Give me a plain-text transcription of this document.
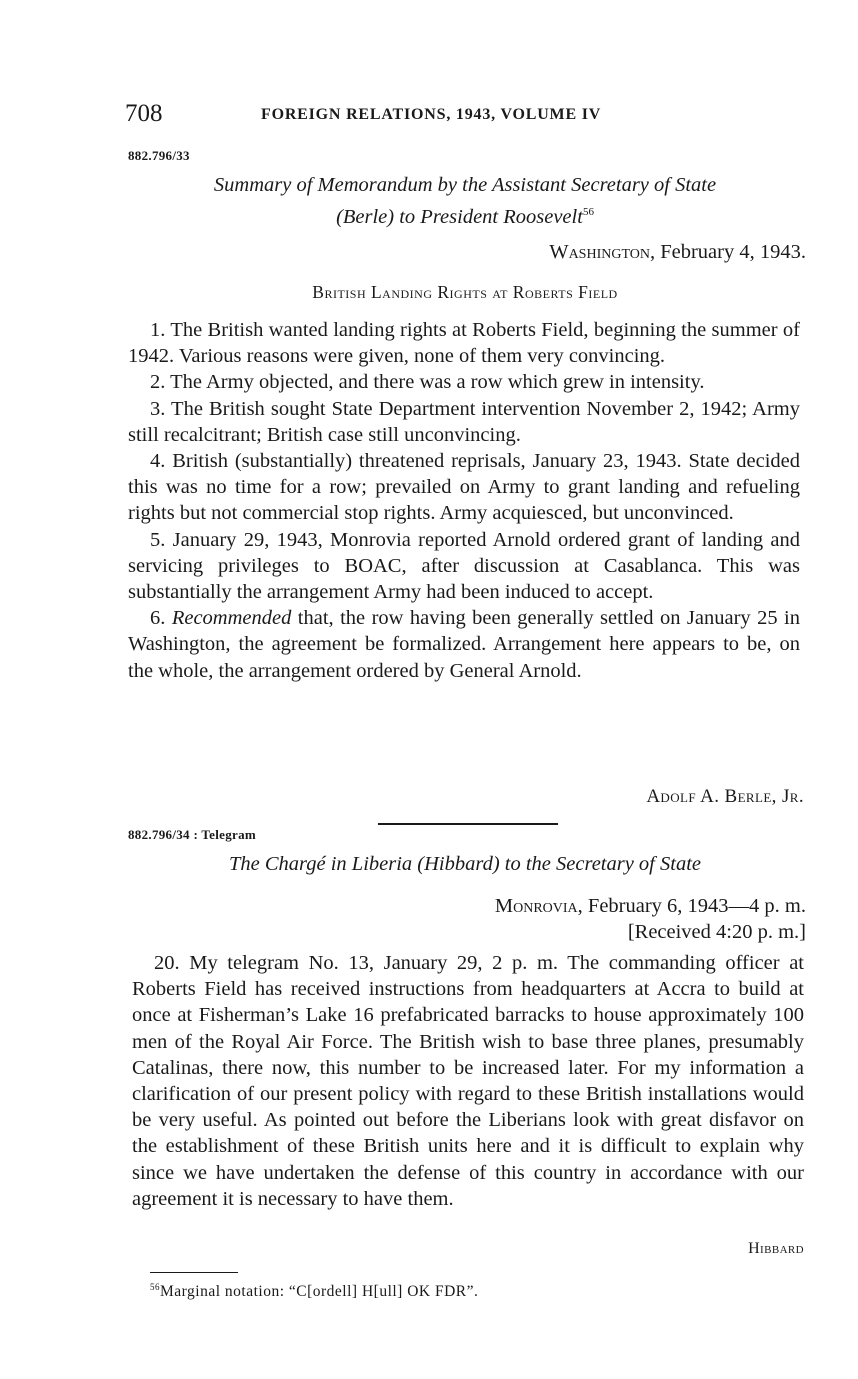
708	FOREIGN RELATIONS, 1943, VOLUME IV
882.796/33
Summary of Memorandum by the Assistant Secretary of State
(Berle) to President Roosevelt$^{56}$
Washington, February 4, 1943.
British Landing Rights at Roberts Field

1. The British wanted landing rights at Roberts Field, beginning the summer of 1942. Various reasons were given, none of them very convincing.

2. The Army objected, and there was a row which grew in intensity.

3. The British sought State Department intervention November 2, 1942; Army still recalcitrant; British case still unconvincing.

4. British (substantially) threatened reprisals, January 23, 1943. State decided this was no time for a row; prevailed on Army to grant landing and refueling rights but not commercial stop rights. Army acquiesced, but unconvinced.

5. January 29, 1943, Monrovia reported Arnold ordered grant of landing and servicing privileges to BOAC, after discussion at Casablanca. This was substantially the arrangement Army had been induced to accept.

6. Recommended that, the row having been generally settled on January 25 in Washington, the agreement be formalized. Arrangement here appears to be, on the whole, the arrangement ordered by General Arnold.

Adolf A. Berle, Jr.
882.796/34 : Telegram
The Chargé in Liberia (Hibbard) to the Secretary of State
Monrovia, February 6, 1943—4 p. m.
[Received 4:20 p. m.]

20. My telegram No. 13, January 29, 2 p. m. The commanding officer at Roberts Field has received instructions from headquarters at Accra to build at once at Fisherman’s Lake 16 prefabricated barracks to house approximately 100 men of the Royal Air Force. The British wish to base three planes, presumably Catalinas, there now, this number to be increased later. For my information a clarification of our present policy with regard to these British installations would be very useful. As pointed out before the Liberians look with great disfavor on the establishment of these British units here and it is difficult to explain why since we have undertaken the defense of this country in accordance with our agreement it is necessary to have them.

Hibbard
$^{56}$Marginal notation: “C[ordell] H[ull] OK FDR”.
